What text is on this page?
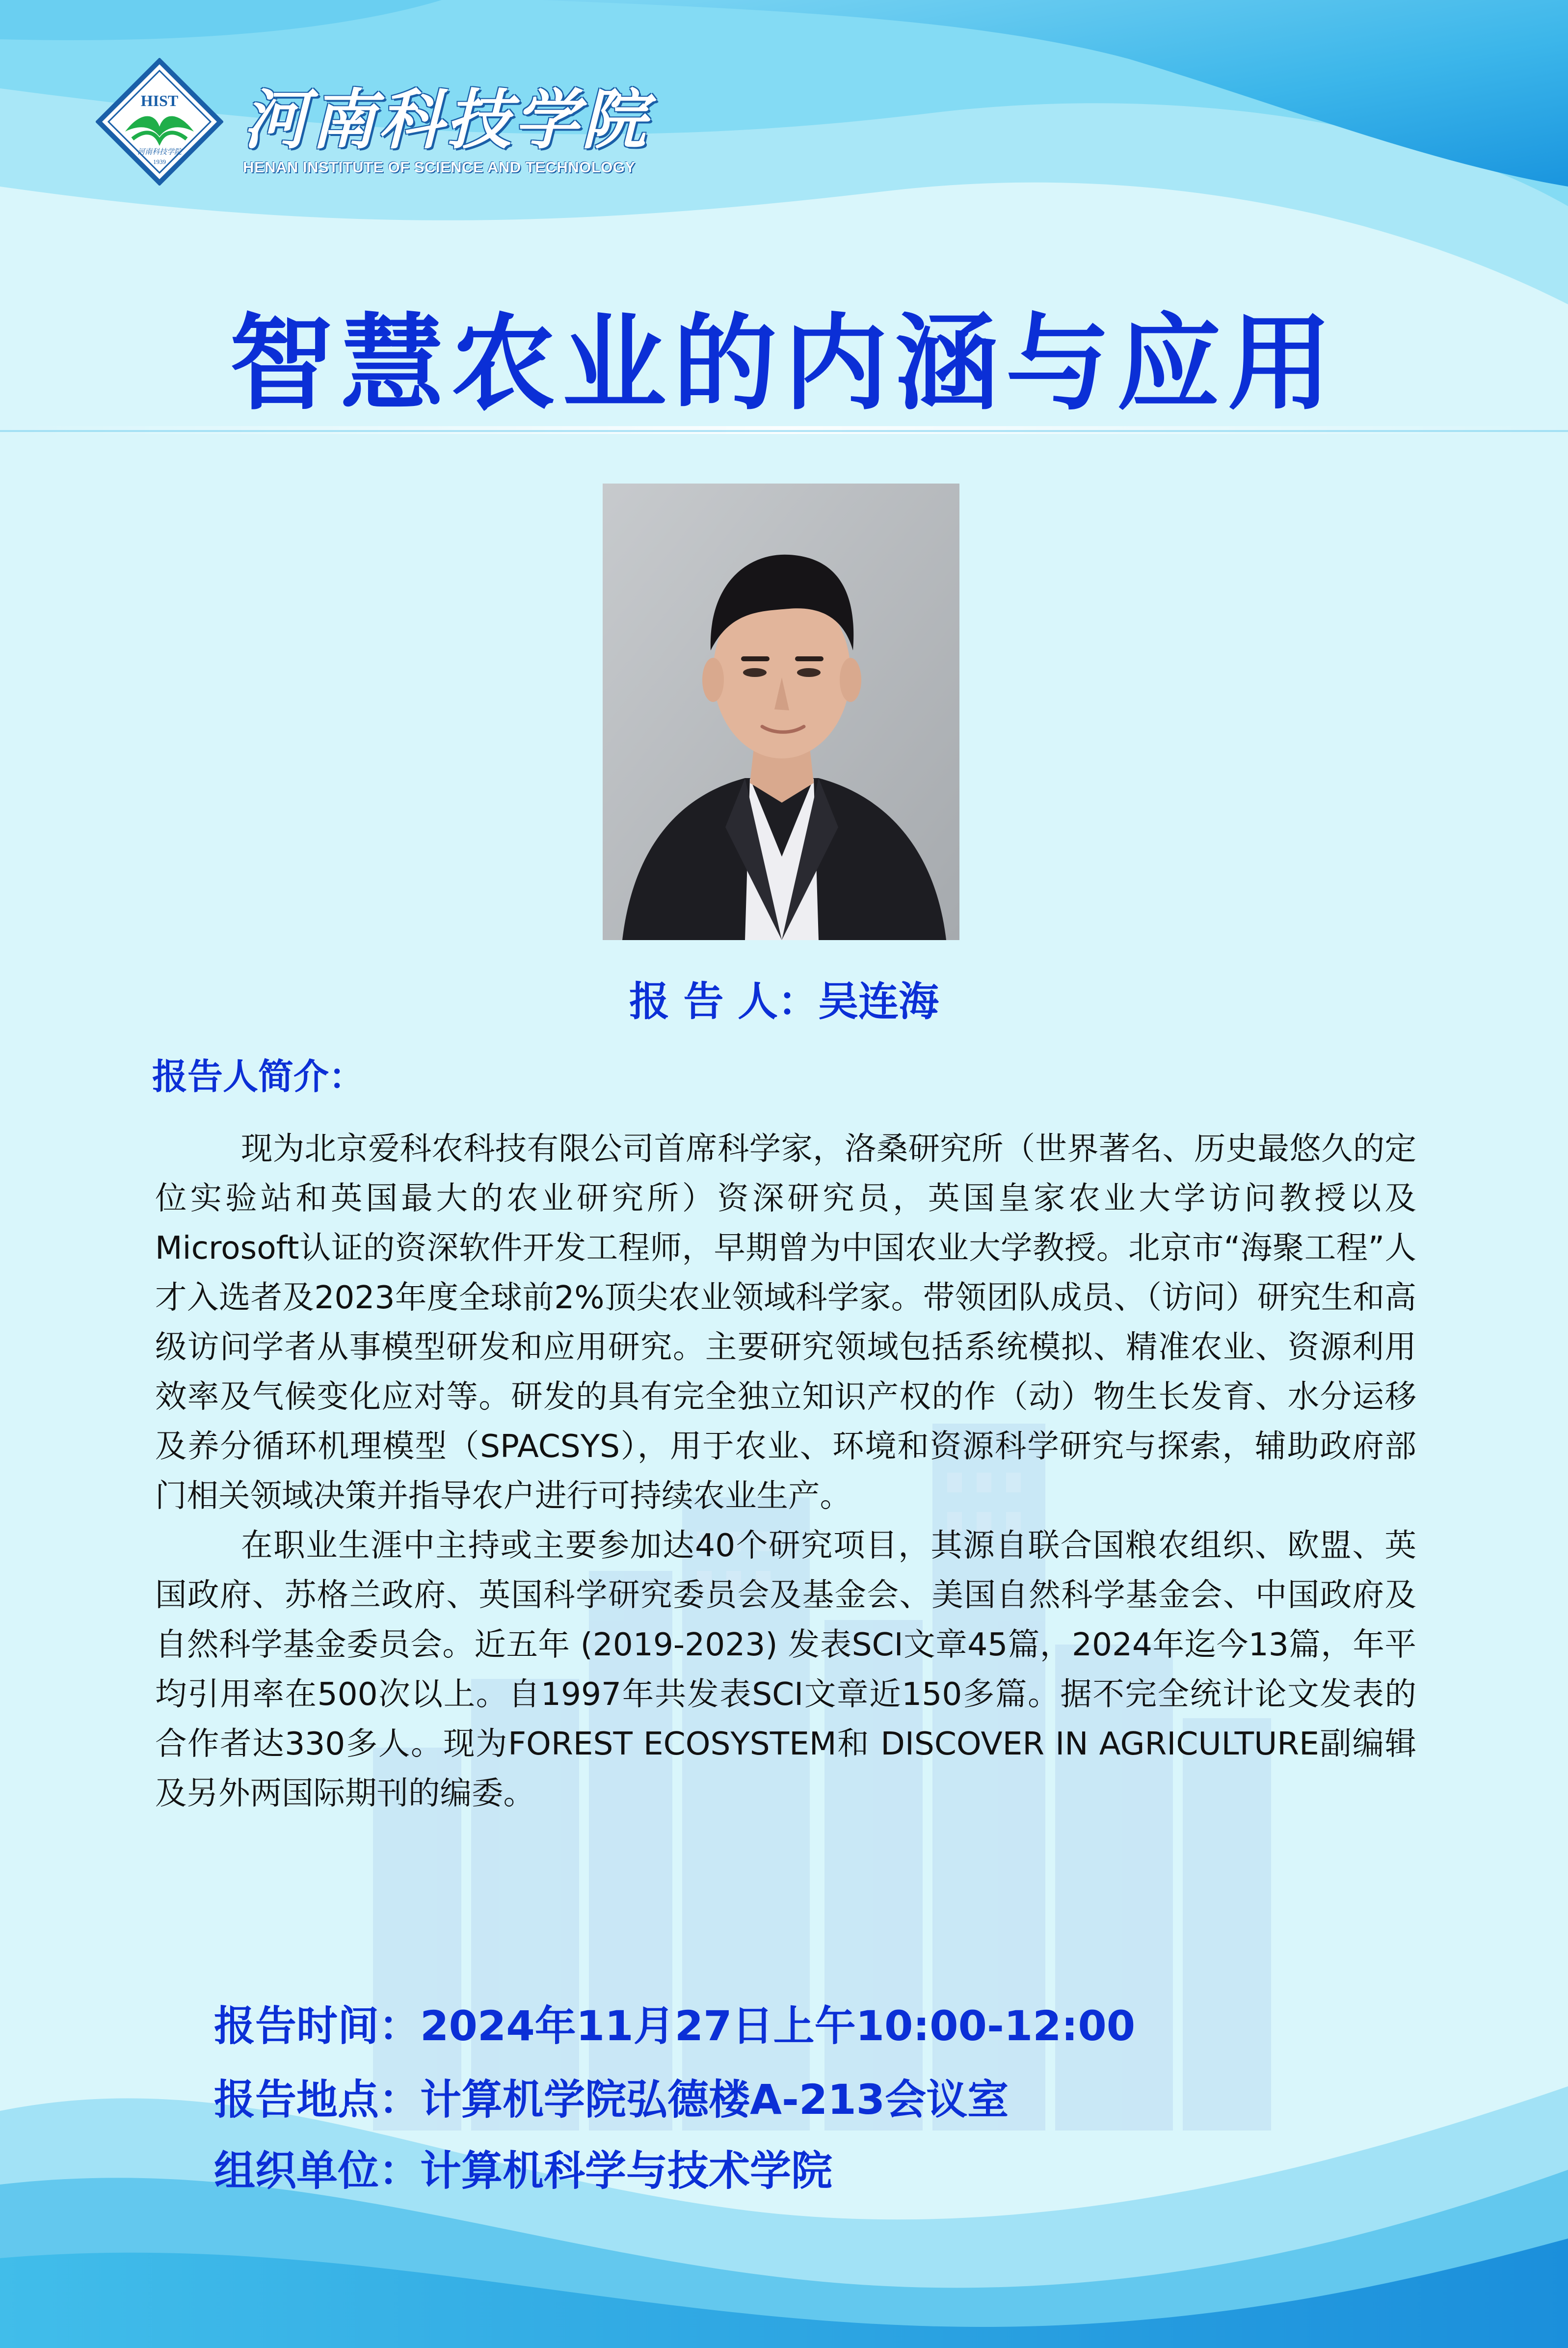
HIST
河南科技学院
1939
河南科技学院
HENAN INSTITUTE OF SCIENCE AND TECHNOLOGY
智慧农业的内涵与应用
报 告 人：吴连海
报告人简介：

现为北京爱科农科技有限公司首席科学家，洛桑研究所（世界著名、历史最悠久的定位实验站和英国最大的农业研究所）资深研究员，英国皇家农业大学访问教授以及Microsoft认证的资深软件开发工程师，早期曾为中国农业大学教授。北京市“海聚工程”人才入选者及2023年度全球前2%顶尖农业领域科学家。带领团队成员、（访问）研究生和高级访问学者从事模型研发和应用研究。主要研究领域包括系统模拟、精准农业、资源利用效率及气候变化应对等。研发的具有完全独立知识产权的作（动）物生长发育、水分运移及养分循环机理模型（SPACSYS），用于农业、环境和资源科学研究与探索，辅助政府部门相关领域决策并指导农户进行可持续农业生产。

在职业生涯中主持或主要参加达40个研究项目，其源自联合国粮农组织、欧盟、英国政府、苏格兰政府、英国科学研究委员会及基金会、美国自然科学基金会、中国政府及自然科学基金委员会。近五年 (2019-2023) 发表SCI文章45篇，2024年迄今13篇，年平均引用率在500次以上。自1997年共发表SCI文章近150多篇。据不完全统计论文发表的合作者达330多人。现为FOREST ECOSYSTEM和 DISCOVER IN AGRICULTURE副编辑及另外两国际期刊的编委。

报告时间：2024年11月27日上午10:00-12:00
报告地点：计算机学院弘德楼A-213会议室
组织单位：计算机科学与技术学院
